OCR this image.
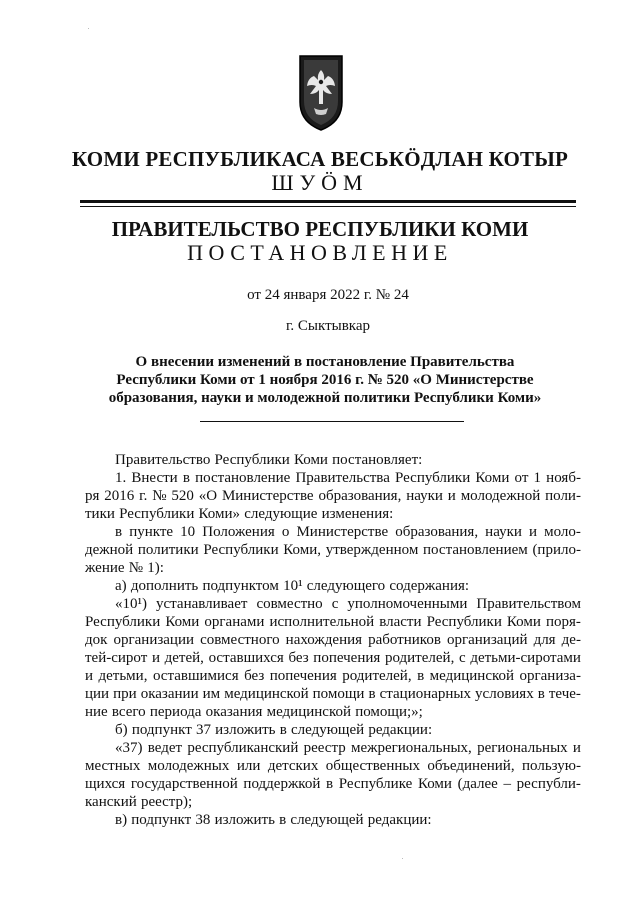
КОМИ РЕСПУБЛИКАСА ВЕСЬКӦДЛАН КОТЫР
ШУӦМ
ПРАВИТЕЛЬСТВО РЕСПУБЛИКИ КОМИ
ПОСТАНОВЛЕНИЕ
от 24 января 2022 г. № 24
г. Сыктывкар
О внесении изменений в постановление Правительства
Республики Коми от 1 ноября 2016 г. № 520 «О Министерстве
образования, науки и молодежной политики Республики Коми»
Правительство Республики Коми постановляет:
1. Внести в постановление Правительства Республики Коми от 1 нояб-
ря 2016 г. № 520 «О Министерстве образования, науки и молодежной поли-
тики Республики Коми» следующие изменения:
в пункте 10 Положения о Министерстве образования, науки и моло-
дежной политики Республики Коми, утвержденном постановлением (прило-
жение № 1):
а) дополнить подпунктом 10¹ следующего содержания:
«10¹) устанавливает совместно с уполномоченными Правительством
Республики Коми органами исполнительной власти Республики Коми поря-
док организации совместного нахождения работников организаций для де-
тей-сирот и детей, оставшихся без попечения родителей, с детьми-сиротами
и детьми, оставшимися без попечения родителей, в медицинской организа-
ции при оказании им медицинской помощи в стационарных условиях в тече-
ние всего периода оказания медицинской помощи;»;
б) подпункт 37 изложить в следующей редакции:
«37) ведет республиканский реестр межрегиональных, региональных и
местных молодежных или детских общественных объединений, пользую-
щихся государственной поддержкой в Республике Коми (далее – республи-
канский реестр);
в) подпункт 38 изложить в следующей редакции:
